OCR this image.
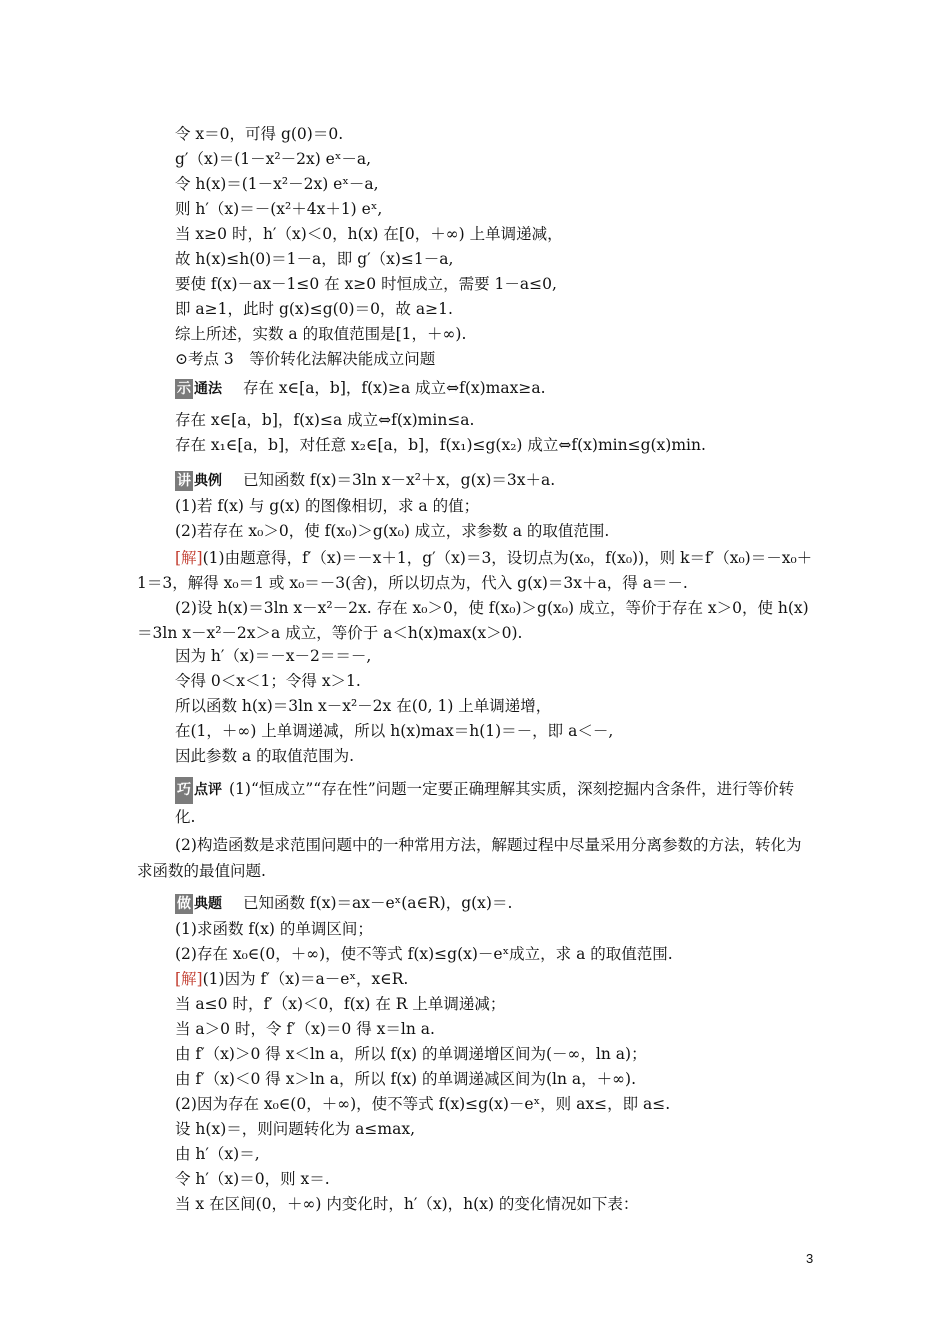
令 x＝0，可得 g(0)＝0.
g′（x)＝(1－x²－2x) eˣ－a,
令 h(x)＝(1－x²－2x) eˣ－a,
则 h′（x)＝－(x²＋4x＋1) eˣ,
当 x≥0 时，h′（x)＜0，h(x) 在[0，＋∞) 上单调递减，
故 h(x)≤h(0)＝1－a，即 g′（x)≤1－a,
要使 f(x)－ax－1≤0 在 x≥0 时恒成立，需要 1－a≤0,
即 a≥1，此时 g(x)≤g(0)＝0，故 a≥1.
综上所述，实数 a 的取值范围是[1，＋∞).
⊙考点 3　等价转化法解决能成立问题
示 通法 存在 x∈[a，b]，f(x)≥a 成立⇔f(x)max≥a.
存在 x∈[a，b]，f(x)≤a 成立⇔f(x)min≤a.
存在 x₁∈[a，b]，对任意 x₂∈[a，b]，f(x₁)≤g(x₂) 成立⇔f(x)min≤g(x)min.
讲 典例 已知函数 f(x)＝3ln x－x²＋x，g(x)＝3x＋a.
(1)若 f(x) 与 g(x) 的图像相切，求 a 的值；
(2)若存在 x₀＞0，使 f(x₀)＞g(x₀) 成立，求参数 a 的取值范围.
[解](1)由题意得，f′（x)＝－x＋1，g′（x)＝3，设切点为(x₀，f(x₀))，则 k＝f′（x₀)＝－x₀＋1＝3，解得 x₀＝1 或 x₀＝－3(舍)，所以切点为，代入 g(x)＝3x＋a，得 a＝－.
(2)设 h(x)＝3ln x－x²－2x. 存在 x₀＞0，使 f(x₀)＞g(x₀) 成立，等价于存在 x＞0，使 h(x)＝3ln x－x²－2x＞a 成立，等价于 a＜h(x)max(x＞0).
因为 h′（x)＝－x－2＝＝－,
令得 0＜x＜1；令得 x＞1.
所以函数 h(x)＝3ln x－x²－2x 在(0, 1) 上单调递增，
在(1，＋∞) 上单调递减，所以 h(x)max＝h(1)＝－，即 a＜－,
因此参数 a 的取值范围为.
巧 点评 (1)“恒成立”“存在性”问题一定要正确理解其实质，深刻挖掘内含条件，进行等价转化.
(2)构造函数是求范围问题中的一种常用方法，解题过程中尽量采用分离参数的方法，转化为求函数的最值问题.
做 典题 已知函数 f(x)＝ax－eˣ(a∈R)，g(x)＝.
(1)求函数 f(x) 的单调区间；
(2)存在 x₀∈(0，＋∞)，使不等式 f(x)≤g(x)－eˣ成立，求 a 的取值范围.
[解](1)因为 f′（x)＝a－eˣ，x∈R.
当 a≤0 时，f′（x)＜0，f(x) 在 R 上单调递减；
当 a＞0 时，令 f′（x)＝0 得 x＝ln a.
由 f′（x)＞0 得 x＜ln a，所以 f(x) 的单调递增区间为(－∞，ln a)；
由 f′（x)＜0 得 x＞ln a，所以 f(x) 的单调递减区间为(ln a，＋∞).
(2)因为存在 x₀∈(0，＋∞)，使不等式 f(x)≤g(x)－eˣ，则 ax≤，即 a≤.
设 h(x)＝，则问题转化为 a≤max,
由 h′（x)＝,
令 h′（x)＝0，则 x＝.
当 x 在区间(0，＋∞) 内变化时，h′（x)，h(x) 的变化情况如下表：
3
